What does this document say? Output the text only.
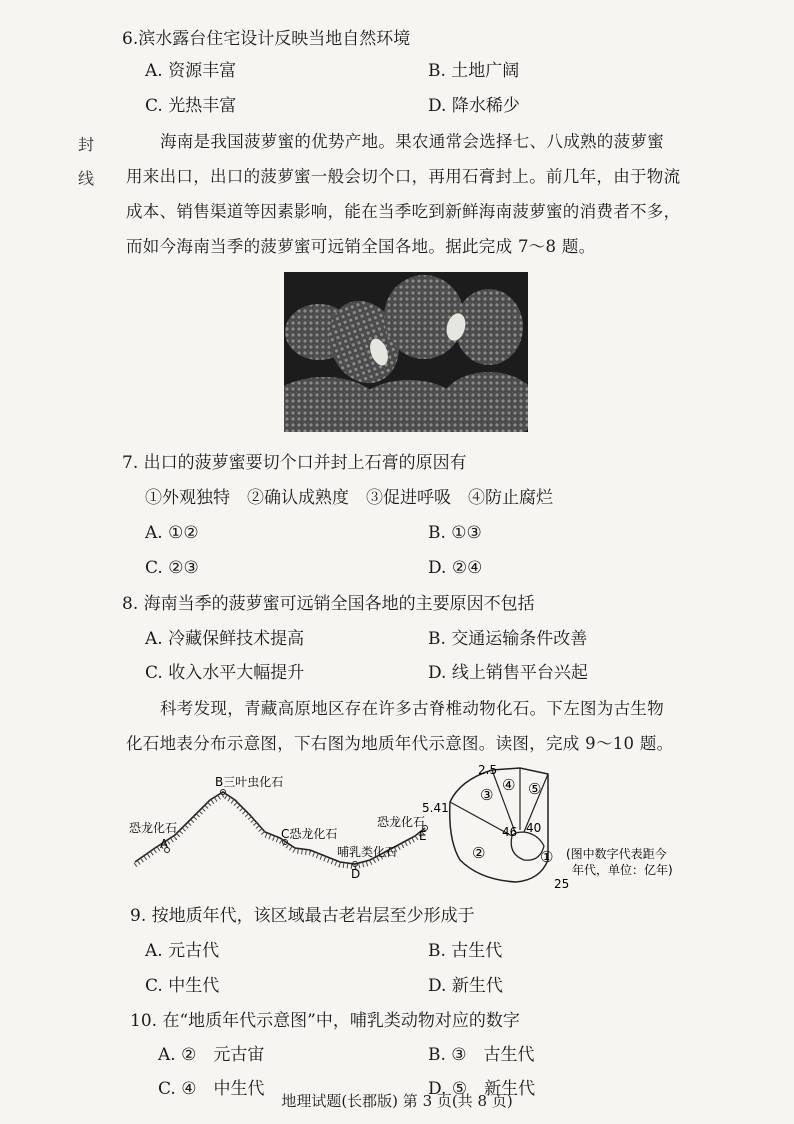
6.滨水露台住宅设计反映当地自然环境
A. 资源丰富	B. 土地广阔
C. 光热丰富	D. 降水稀少
封
线
海南是我国菠萝蜜的优势产地。果农通常会选择七、八成熟的菠萝蜜
用来出口，出口的菠萝蜜一般会切个口，再用石膏封上。前几年，由于物流
成本、销售渠道等因素影响，能在当季吃到新鲜海南菠萝蜜的消费者不多，
而如今海南当季的菠萝蜜可远销全国各地。据此完成 7～8 题。
7. 出口的菠萝蜜要切个口并封上石膏的原因有
①外观独特　②确认成熟度　③促进呼吸　④防止腐烂
A. ①②	B. ①③
C. ②③	D. ②④
8. 海南当季的菠萝蜜可远销全国各地的主要原因不包括
A. 冷藏保鲜技术提高	B. 交通运输条件改善
C. 收入水平大幅提升	D. 线上销售平台兴起
科考发现，青藏高原地区存在许多古脊椎动物化石。下左图为古生物
化石地表分布示意图，下右图为地质年代示意图。读图，完成 9～10 题。
恐龙化石
A
B三叶虫化石
C恐龙化石
哺乳类化石
D
恐龙化石
E
5.41
2.5
46 40
25
①
②
③
④ ⑤
(图中数字代表距今
年代，单位：亿年)
9. 按地质年代，该区域最古老岩层至少形成于
A. 元古代	B. 古生代
C. 中生代	D. 新生代
10. 在“地质年代示意图”中，哺乳类动物对应的数字
A. ②　元古宙	B. ③　古生代
C. ④　中生代	D. ⑤　新生代
地理试题(长郡版) 第 3 页(共 8 页)
